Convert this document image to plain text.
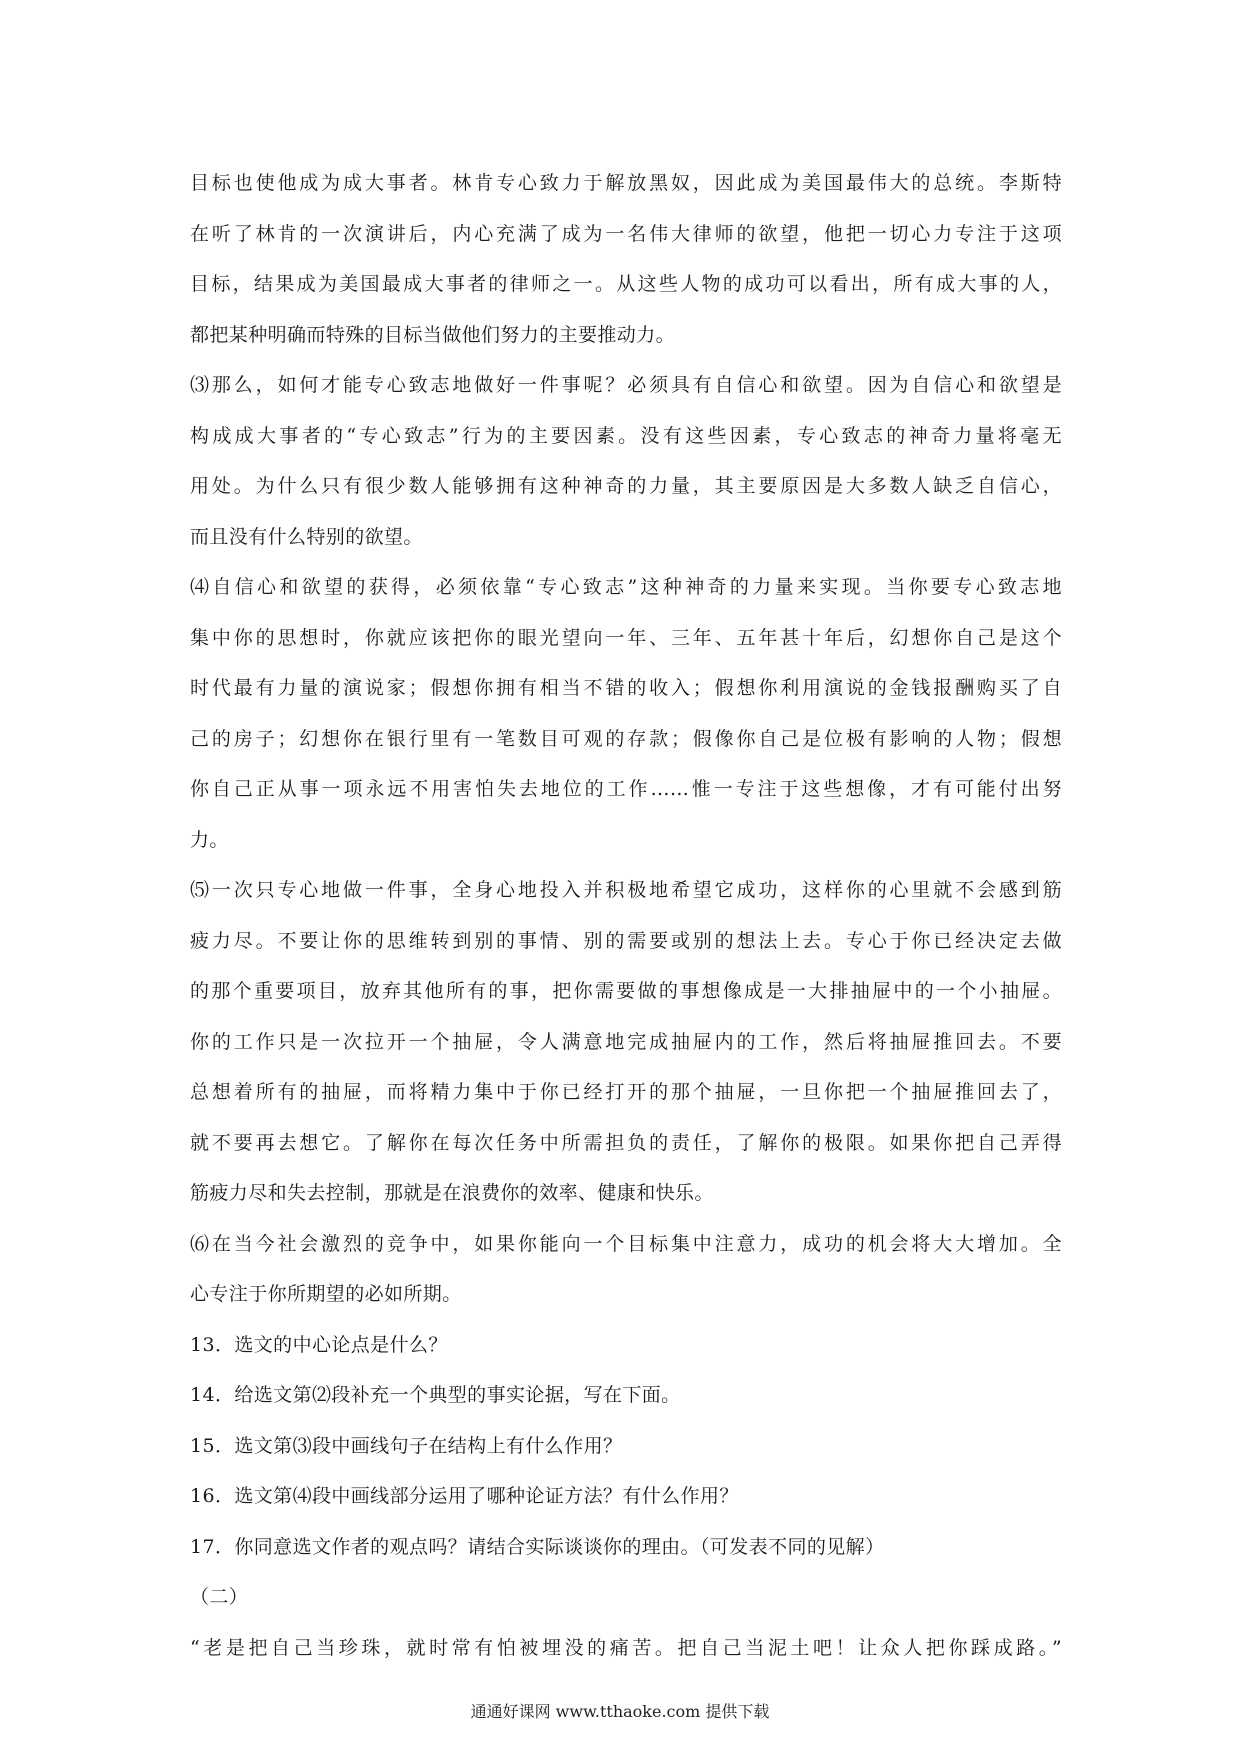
目标也使他成为成大事者。林肯专心致力于解放黑奴，因此成为美国最伟大的总统。李斯特
在听了林肯的一次演讲后，内心充满了成为一名伟大律师的欲望，他把一切心力专注于这项
目标，结果成为美国最成大事者的律师之一。从这些人物的成功可以看出，所有成大事的人，
都把某种明确而特殊的目标当做他们努力的主要推动力。
⑶那么，如何才能专心致志地做好一件事呢？必须具有自信心和欲望。因为自信心和欲望是
构成成大事者的“专心致志”行为的主要因素。没有这些因素，专心致志的神奇力量将毫无
用处。为什么只有很少数人能够拥有这种神奇的力量，其主要原因是大多数人缺乏自信心，
而且没有什么特别的欲望。
⑷自信心和欲望的获得，必须依靠“专心致志”这种神奇的力量来实现。当你要专心致志地
集中你的思想时，你就应该把你的眼光望向一年、三年、五年甚十年后，幻想你自己是这个
时代最有力量的演说家；假想你拥有相当不错的收入；假想你利用演说的金钱报酬购买了自
己的房子；幻想你在银行里有一笔数目可观的存款；假像你自己是位极有影响的人物；假想
你自己正从事一项永远不用害怕失去地位的工作……惟一专注于这些想像，才有可能付出努
力。
⑸一次只专心地做一件事，全身心地投入并积极地希望它成功，这样你的心里就不会感到筋
疲力尽。不要让你的思维转到别的事情、别的需要或别的想法上去。专心于你已经决定去做
的那个重要项目，放弃其他所有的事，把你需要做的事想像成是一大排抽屉中的一个小抽屉。
你的工作只是一次拉开一个抽屉，令人满意地完成抽屉内的工作，然后将抽屉推回去。不要
总想着所有的抽屉，而将精力集中于你已经打开的那个抽屉，一旦你把一个抽屉推回去了，
就不要再去想它。了解你在每次任务中所需担负的责任，了解你的极限。如果你把自己弄得
筋疲力尽和失去控制，那就是在浪费你的效率、健康和快乐。
⑹在当今社会激烈的竞争中，如果你能向一个目标集中注意力，成功的机会将大大增加。全
心专注于你所期望的必如所期。
13．选文的中心论点是什么？
14．给选文第⑵段补充一个典型的事实论据，写在下面。
15．选文第⑶段中画线句子在结构上有什么作用？
16．选文第⑷段中画线部分运用了哪种论证方法？有什么作用？
17．你同意选文作者的观点吗？请结合实际谈谈你的理由。（可发表不同的见解）
（二）
“老是把自己当珍珠，就时常有怕被埋没的痛苦。把自己当泥土吧！让众人把你踩成路。”
通通好课网 www.tthaoke.com 提供下载
